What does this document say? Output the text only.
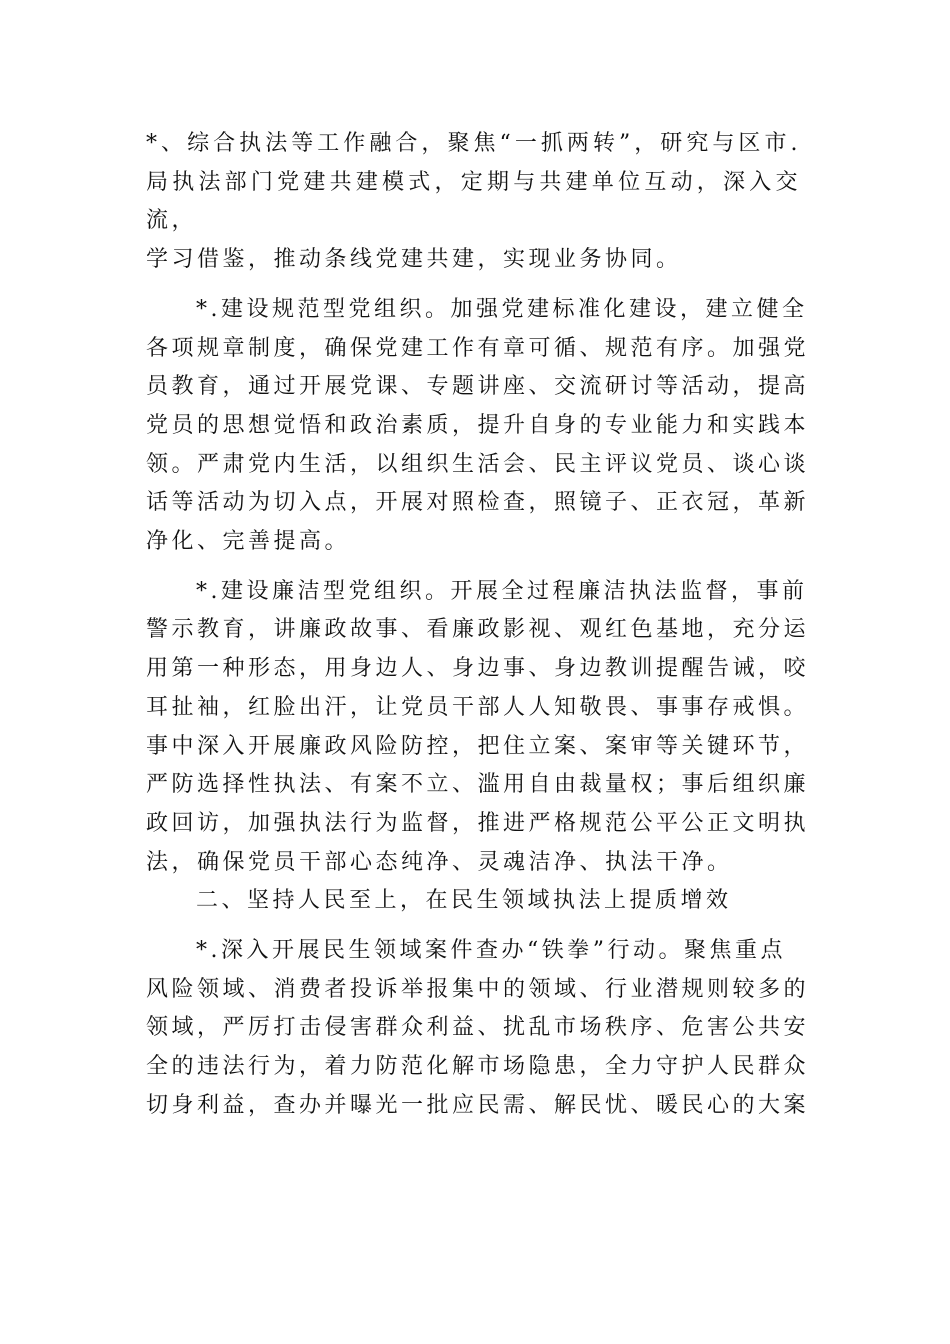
*、综合执法等工作融合，聚焦“一抓两转”，研究与区市.
局执法部门党建共建模式，定期与共建单位互动，深入交
流，
学习借鉴，推动条线党建共建，实现业务协同。
*.建设规范型党组织。加强党建标准化建设，建立健全
各项规章制度，确保党建工作有章可循、规范有序。加强党
员教育，通过开展党课、专题讲座、交流研讨等活动，提高
党员的思想觉悟和政治素质，提升自身的专业能力和实践本
领。严肃党内生活，以组织生活会、民主评议党员、谈心谈
话等活动为切入点，开展对照检查，照镜子、正衣冠，革新
净化、完善提高。
*.建设廉洁型党组织。开展全过程廉洁执法监督，事前
警示教育，讲廉政故事、看廉政影视、观红色基地，充分运
用第一种形态，用身边人、身边事、身边教训提醒告诫，咬
耳扯袖，红脸出汗，让党员干部人人知敬畏、事事存戒惧。
事中深入开展廉政风险防控，把住立案、案审等关键环节，
严防选择性执法、有案不立、滥用自由裁量权；事后组织廉
政回访，加强执法行为监督，推进严格规范公平公正文明执
法，确保党员干部心态纯净、灵魂洁净、执法干净。
二、坚持人民至上，在民生领域执法上提质增效
*.深入开展民生领域案件查办“铁拳”行动。聚焦重点
风险领域、消费者投诉举报集中的领域、行业潜规则较多的
领域，严厉打击侵害群众利益、扰乱市场秩序、危害公共安
全的违法行为，着力防范化解市场隐患，全力守护人民群众
切身利益，查办并曝光一批应民需、解民忧、暖民心的大案
